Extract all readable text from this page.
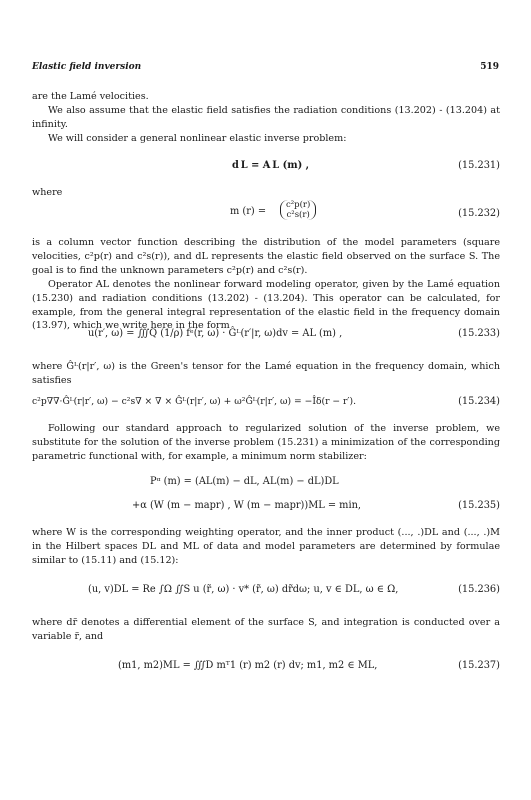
Elastic field inversion	519
are the Lamé velocities.
We also assume that the elastic field satisfies the radiation conditions (13.202) - (13.204) at infinity.
We will consider a general nonlinear elastic inverse problem:
d L = A L (m) ,	(15.231)
where
m (r) =
c²p(r)
c²s(r)	(15.232)
is a column vector function describing the distribution of the model parameters (square velocities, c²p(r) and c²s(r)), and dL represents the elastic field observed on the surface S. The goal is to find the unknown parameters c²p(r) and c²s(r).
Operator AL denotes the nonlinear forward modeling operator, given by the Lamé equation (15.230) and radiation conditions (13.202) - (13.204). This operator can be calculated, for example, from the general integral representation of the elastic field in the frequency domain (13.97), which we write here in the form
u(r′, ω) = ∭Q (1/ρ) fᵉ(r, ω) · Ĝᴸ(r′|r, ω)dv = AL (m) ,	(15.233)
where Ĝᴸ(r|r′, ω) is the Green's tensor for the Lamé equation in the frequency domain, which satisfies
c²p∇∇·Ĝᴸ(r|r′, ω) − c²s∇ × ∇ × Ĝᴸ(r|r′, ω) + ω²Ĝᴸ(r|r′, ω) = −Îδ(r − r′).	(15.234)
Following our standard approach to regularized solution of the inverse problem, we substitute for the solution of the inverse problem (15.231) a minimization of the corresponding parametric functional with, for example, a minimum norm stabilizer:
Pᵅ (m) = (AL(m) − dL, AL(m) − dL)DL
+α (W (m − mapr) , W (m − mapr))ML = min,	(15.235)
where W is the corresponding weighting operator, and the inner product (..., .)DL and (..., .)M in the Hilbert spaces DL and ML of data and model parameters are determined by formulae similar to (15.11) and (15.12):
(u, v)DL = Re ∫Ω ∬S u (r̃, ω) · v* (r̃, ω) dr̃dω; u, v ∈ DL, ω ∈ Ω,	(15.236)
where dr̃ denotes a differential element of the surface S, and integration is conducted over a variable r̃, and
(m1, m2)ML = ∭D mᵀ1 (r) m2 (r) dv; m1, m2 ∈ ML,	(15.237)
